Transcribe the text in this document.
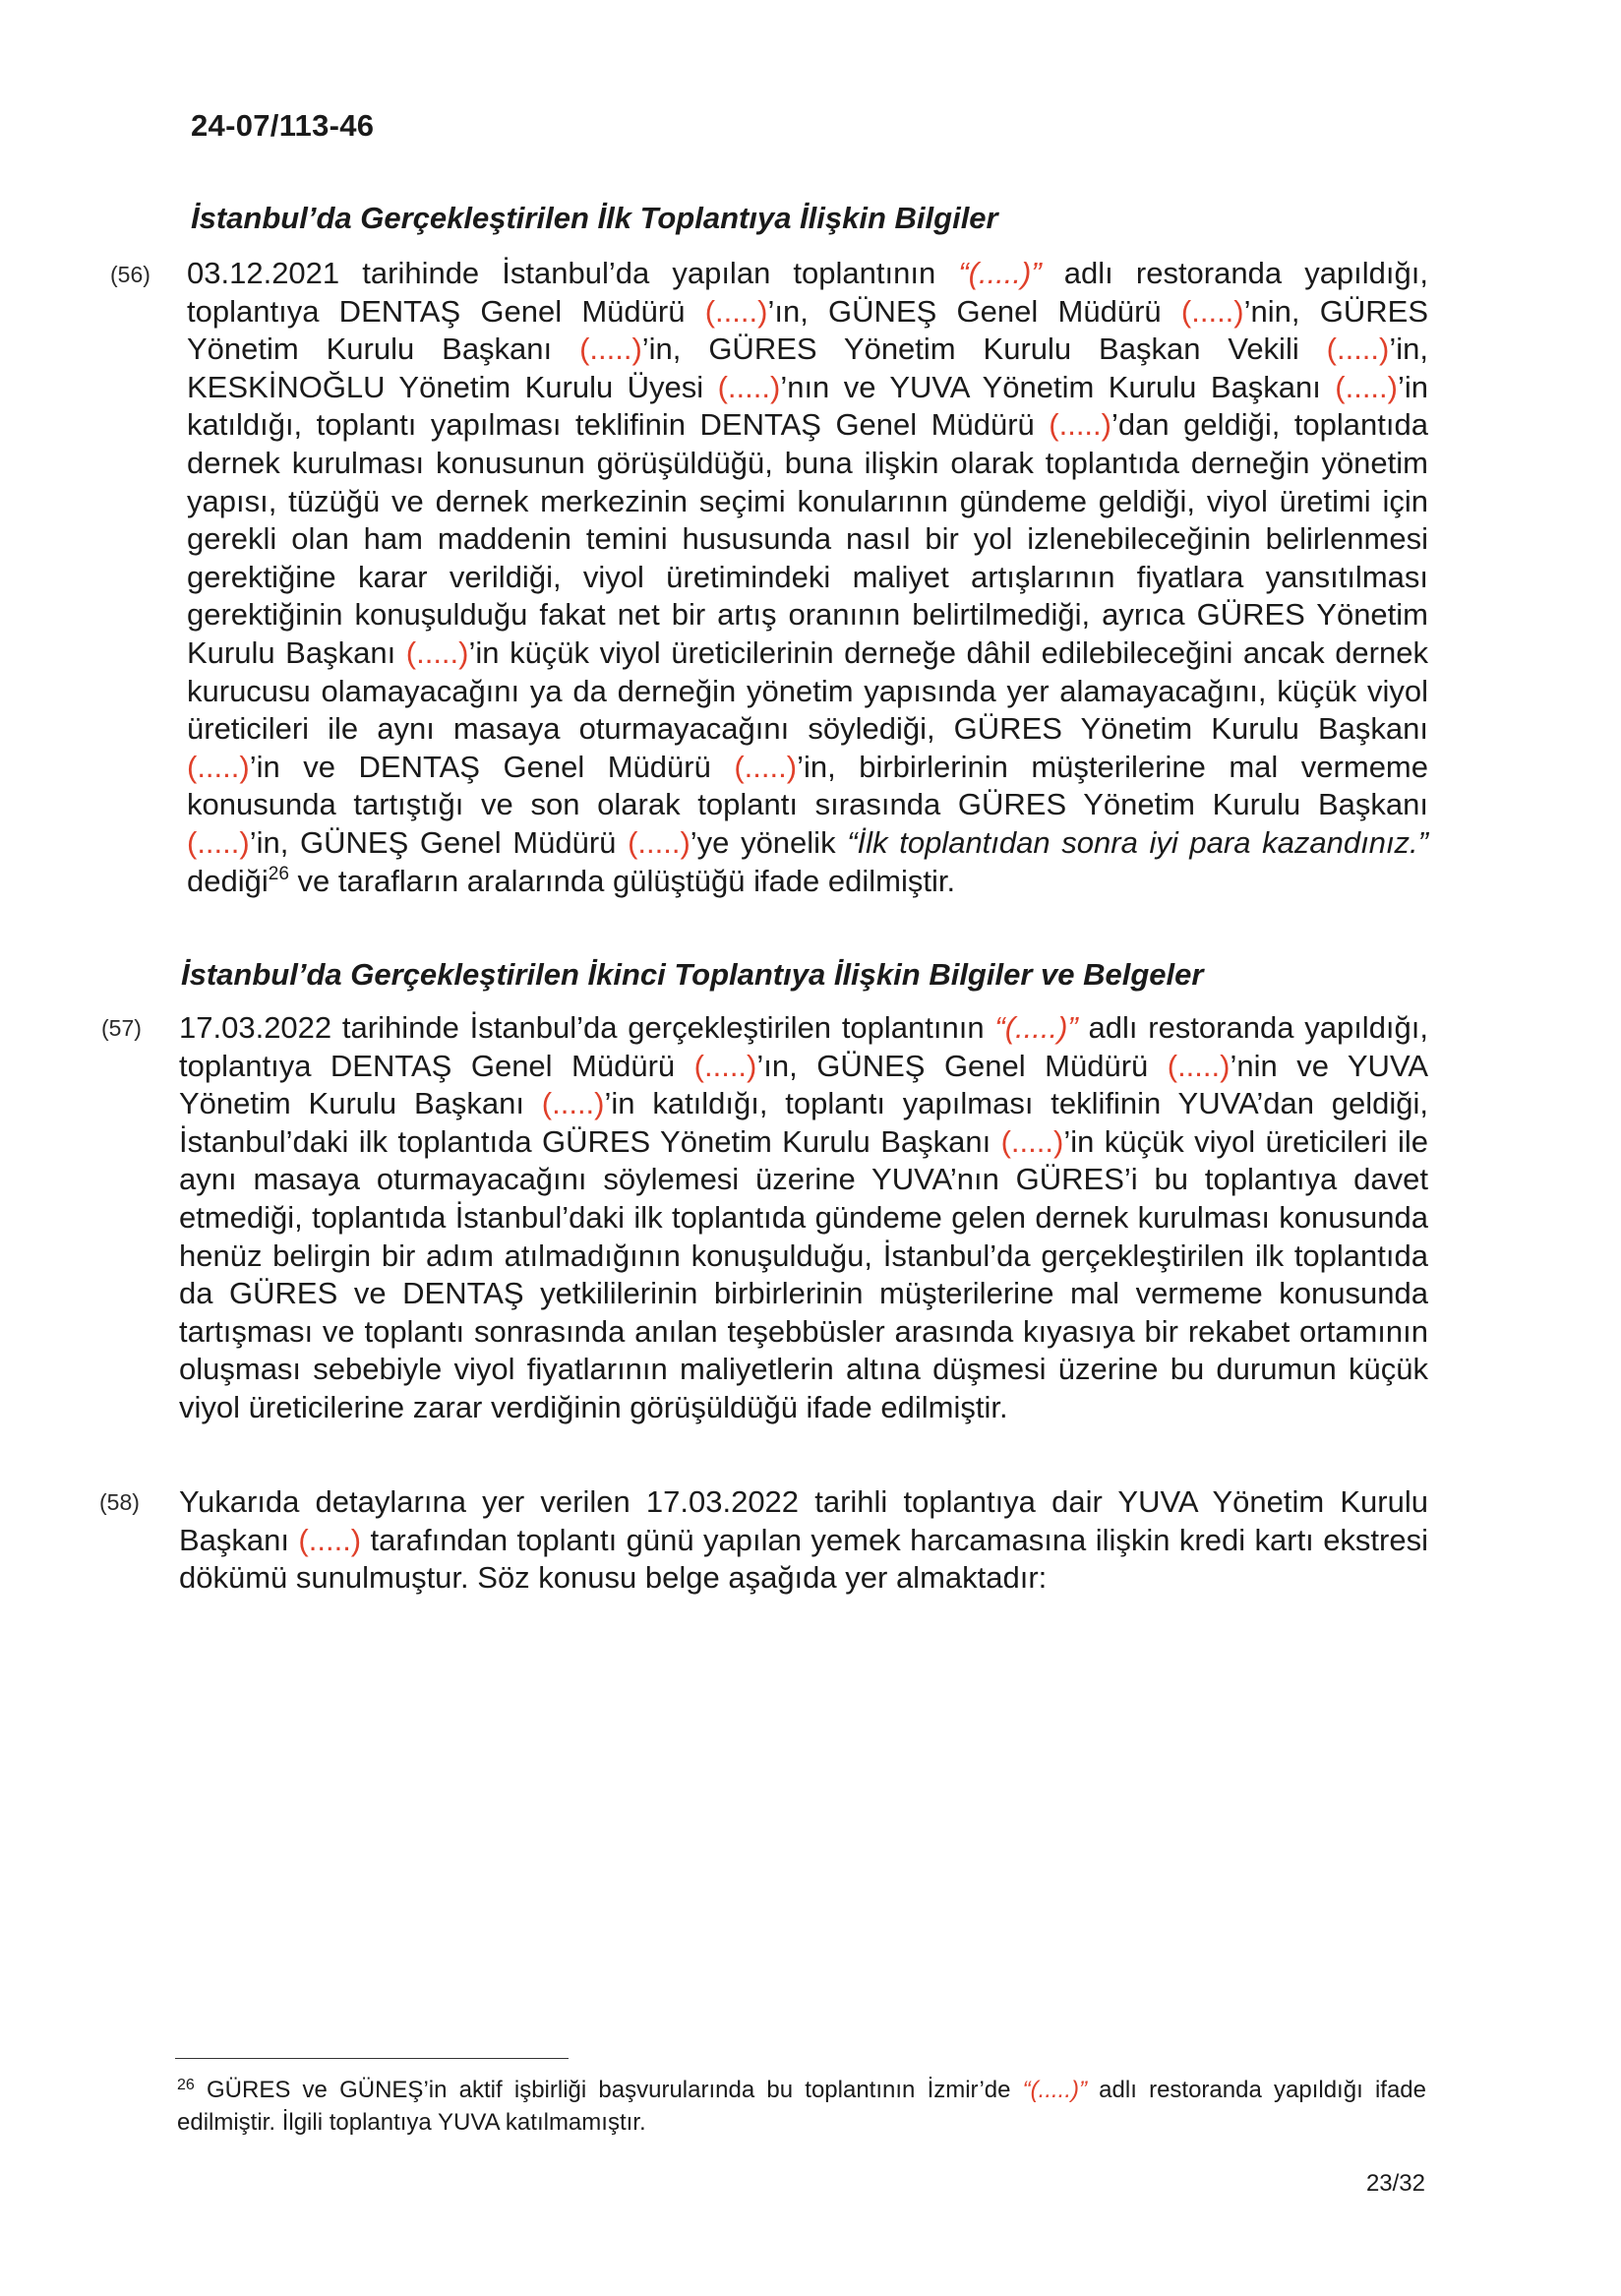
24-07/113-46
İstanbul’da Gerçekleştirilen İlk Toplantıya İlişkin Bilgiler
(56) 03.12.2021 tarihinde İstanbul’da yapılan toplantının “(.....)” adlı restoranda yapıldığı, toplantıya DENTAŞ Genel Müdürü (.....)’ın, GÜNEŞ Genel Müdürü (.....)’nin, GÜRES Yönetim Kurulu Başkanı (.....)’in, GÜRES Yönetim Kurulu Başkan Vekili (.....)’in, KESKİNOĞLU Yönetim Kurulu Üyesi (.....)’nın ve YUVA Yönetim Kurulu Başkanı (.....)’in katıldığı, toplantı yapılması teklifinin DENTAŞ Genel Müdürü (.....)’dan geldiği, toplantıda dernek kurulması konusunun görüşüldüğü, buna ilişkin olarak toplantıda derneğin yönetim yapısı, tüzüğü ve dernek merkezinin seçimi konularının gündeme geldiği, viyol üretimi için gerekli olan ham maddenin temini hususunda nasıl bir yol izlenebileceğinin belirlenmesi gerektiğine karar verildiği, viyol üretimindeki maliyet artışlarının fiyatlara yansıtılması gerektiğinin konuşulduğu fakat net bir artış oranının belirtilmediği, ayrıca GÜRES Yönetim Kurulu Başkanı (.....)’in küçük viyol üreticilerinin derneğe dâhil edilebileceğini ancak dernek kurucusu olamayacağını ya da derneğin yönetim yapısında yer alamayacağını, küçük viyol üreticileri ile aynı masaya oturmayacağını söylediği, GÜRES Yönetim Kurulu Başkanı (.....)’in ve DENTAŞ Genel Müdürü (.....)’in, birbirlerinin müşterilerine mal vermeme konusunda tartıştığı ve son olarak toplantı sırasında GÜRES Yönetim Kurulu Başkanı (.....)’in, GÜNEŞ Genel Müdürü (.....)’ye yönelik “İlk toplantıdan sonra iyi para kazandınız.” dediği$^{26}$ ve tarafların aralarında gülüştüğü ifade edilmiştir.
İstanbul’da Gerçekleştirilen İkinci Toplantıya İlişkin Bilgiler ve Belgeler
(57) 17.03.2022 tarihinde İstanbul’da gerçekleştirilen toplantının “(.....)” adlı restoranda yapıldığı, toplantıya DENTAŞ Genel Müdürü (.....)’ın, GÜNEŞ Genel Müdürü (.....)’nin ve YUVA Yönetim Kurulu Başkanı (.....)’in katıldığı, toplantı yapılması teklifinin YUVA’dan geldiği, İstanbul’daki ilk toplantıda GÜRES Yönetim Kurulu Başkanı (.....)’in küçük viyol üreticileri ile aynı masaya oturmayacağını söylemesi üzerine YUVA’nın GÜRES’i bu toplantıya davet etmediği, toplantıda İstanbul’daki ilk toplantıda gündeme gelen dernek kurulması konusunda henüz belirgin bir adım atılmadığının konuşulduğu, İstanbul’da gerçekleştirilen ilk toplantıda da GÜRES ve DENTAŞ yetkililerinin birbirlerinin müşterilerine mal vermeme konusunda tartışması ve toplantı sonrasında anılan teşebbüsler arasında kıyasıya bir rekabet ortamının oluşması sebebiyle viyol fiyatlarının maliyetlerin altına düşmesi üzerine bu durumun küçük viyol üreticilerine zarar verdiğinin görüşüldüğü ifade edilmiştir.
(58) Yukarıda detaylarına yer verilen 17.03.2022 tarihli toplantıya dair YUVA Yönetim Kurulu Başkanı (.....) tarafından toplantı günü yapılan yemek harcamasına ilişkin kredi kartı ekstresi dökümü sunulmuştur. Söz konusu belge aşağıda yer almaktadır:
$^{26}$ GÜRES ve GÜNEŞ’in aktif işbirliği başvurularında bu toplantının İzmir’de “(.....)” adlı restoranda yapıldığı ifade edilmiştir. İlgili toplantıya YUVA katılmamıştır.
23/32
